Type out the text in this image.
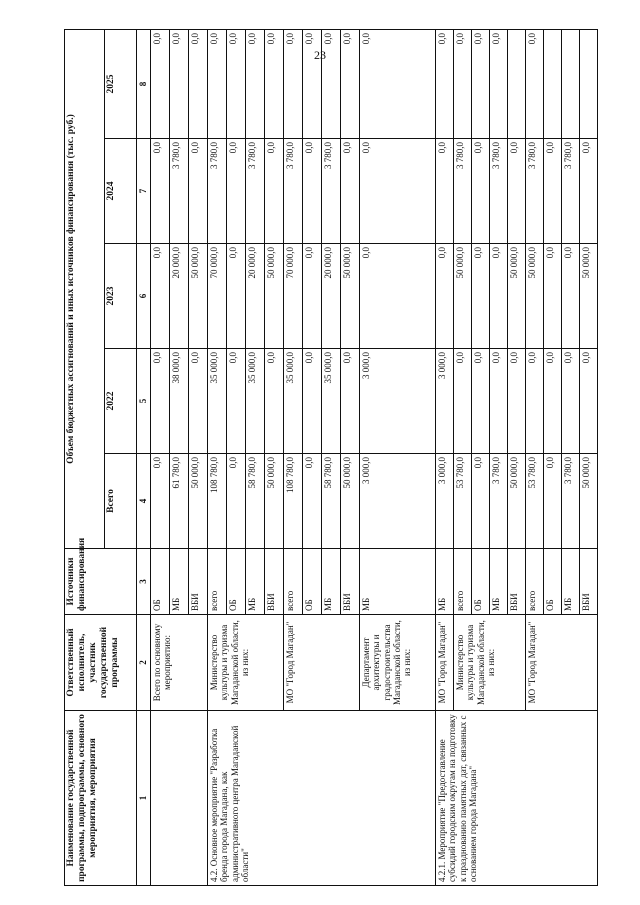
23
Наименование государственной программы, подпрограммы, основного мероприятия, мероприятия	Ответственный исполнитель, участник государственной программы	Источники финансирования	Объем бюджетных ассигнований и иных источников финансирования (тыс. руб.)				
			Всего	2022	2023	2024	2025
1	2	3	4	5	6	7	8
	Всего по основному мероприятию:	ОБ	0,0	0,0	0,0	0,0	0,0
		МБ	61 780,0	38 000,0	20 000,0	3 780,0	0,0
		ВБИ	50 000,0	0,0	50 000,0	0,0	0,0
4.2. Основное мероприятие "Разработка бренда города Магадана, как административного центра Магаданской области"	Министерство культуры и туризма Магаданской области, из них:	всего	108 780,0	35 000,0	70 000,0	3 780,0	0,0
		ОБ	0,0	0,0	0,0	0,0	0,0
		МБ	58 780,0	35 000,0	20 000,0	3 780,0	0,0
		ВБИ	50 000,0	0,0	50 000,0	0,0	0,0
	МО "Город Магадан"	всего	108 780,0	35 000,0	70 000,0	3 780,0	0,0
		ОБ	0,0	0,0	0,0	0,0	0,0
		МБ	58 780,0	35 000,0	20 000,0	3 780,0	0,0
		ВБИ	50 000,0	0,0	50 000,0	0,0	0,0
	Департамент архитектуры и градостроительства Магаданской области, из них:	МБ	3 000,0	3 000,0	0,0	0,0	0,0
4.2.1. Мероприятие "Предоставление субсидий городским округам на подготовку к празднованию памятных дат, связанных с основанием города Магадана"	МО "Город Магадан"	МБ	3 000,0	3 000,0	0,0	0,0	0,0
	Министерство культуры и туризма Магаданской области, из них:	всего	53 780,0	0,0	50 000,0	3 780,0	0,0
		ОБ	0,0	0,0	0,0	0,0	0,0
		МБ	3 780,0	0,0	0,0	3 780,0	0,0
		ВБИ	50 000,0	0,0	50 000,0	0,0	
	МО "Город Магадан"	всего	53 780,0	0,0	50 000,0	3 780,0	0,0
		ОБ	0,0	0,0	0,0	0,0	
		МБ	3 780,0	0,0	0,0	3 780,0	
		ВБИ	50 000,0	0,0	50 000,0	0,0	
